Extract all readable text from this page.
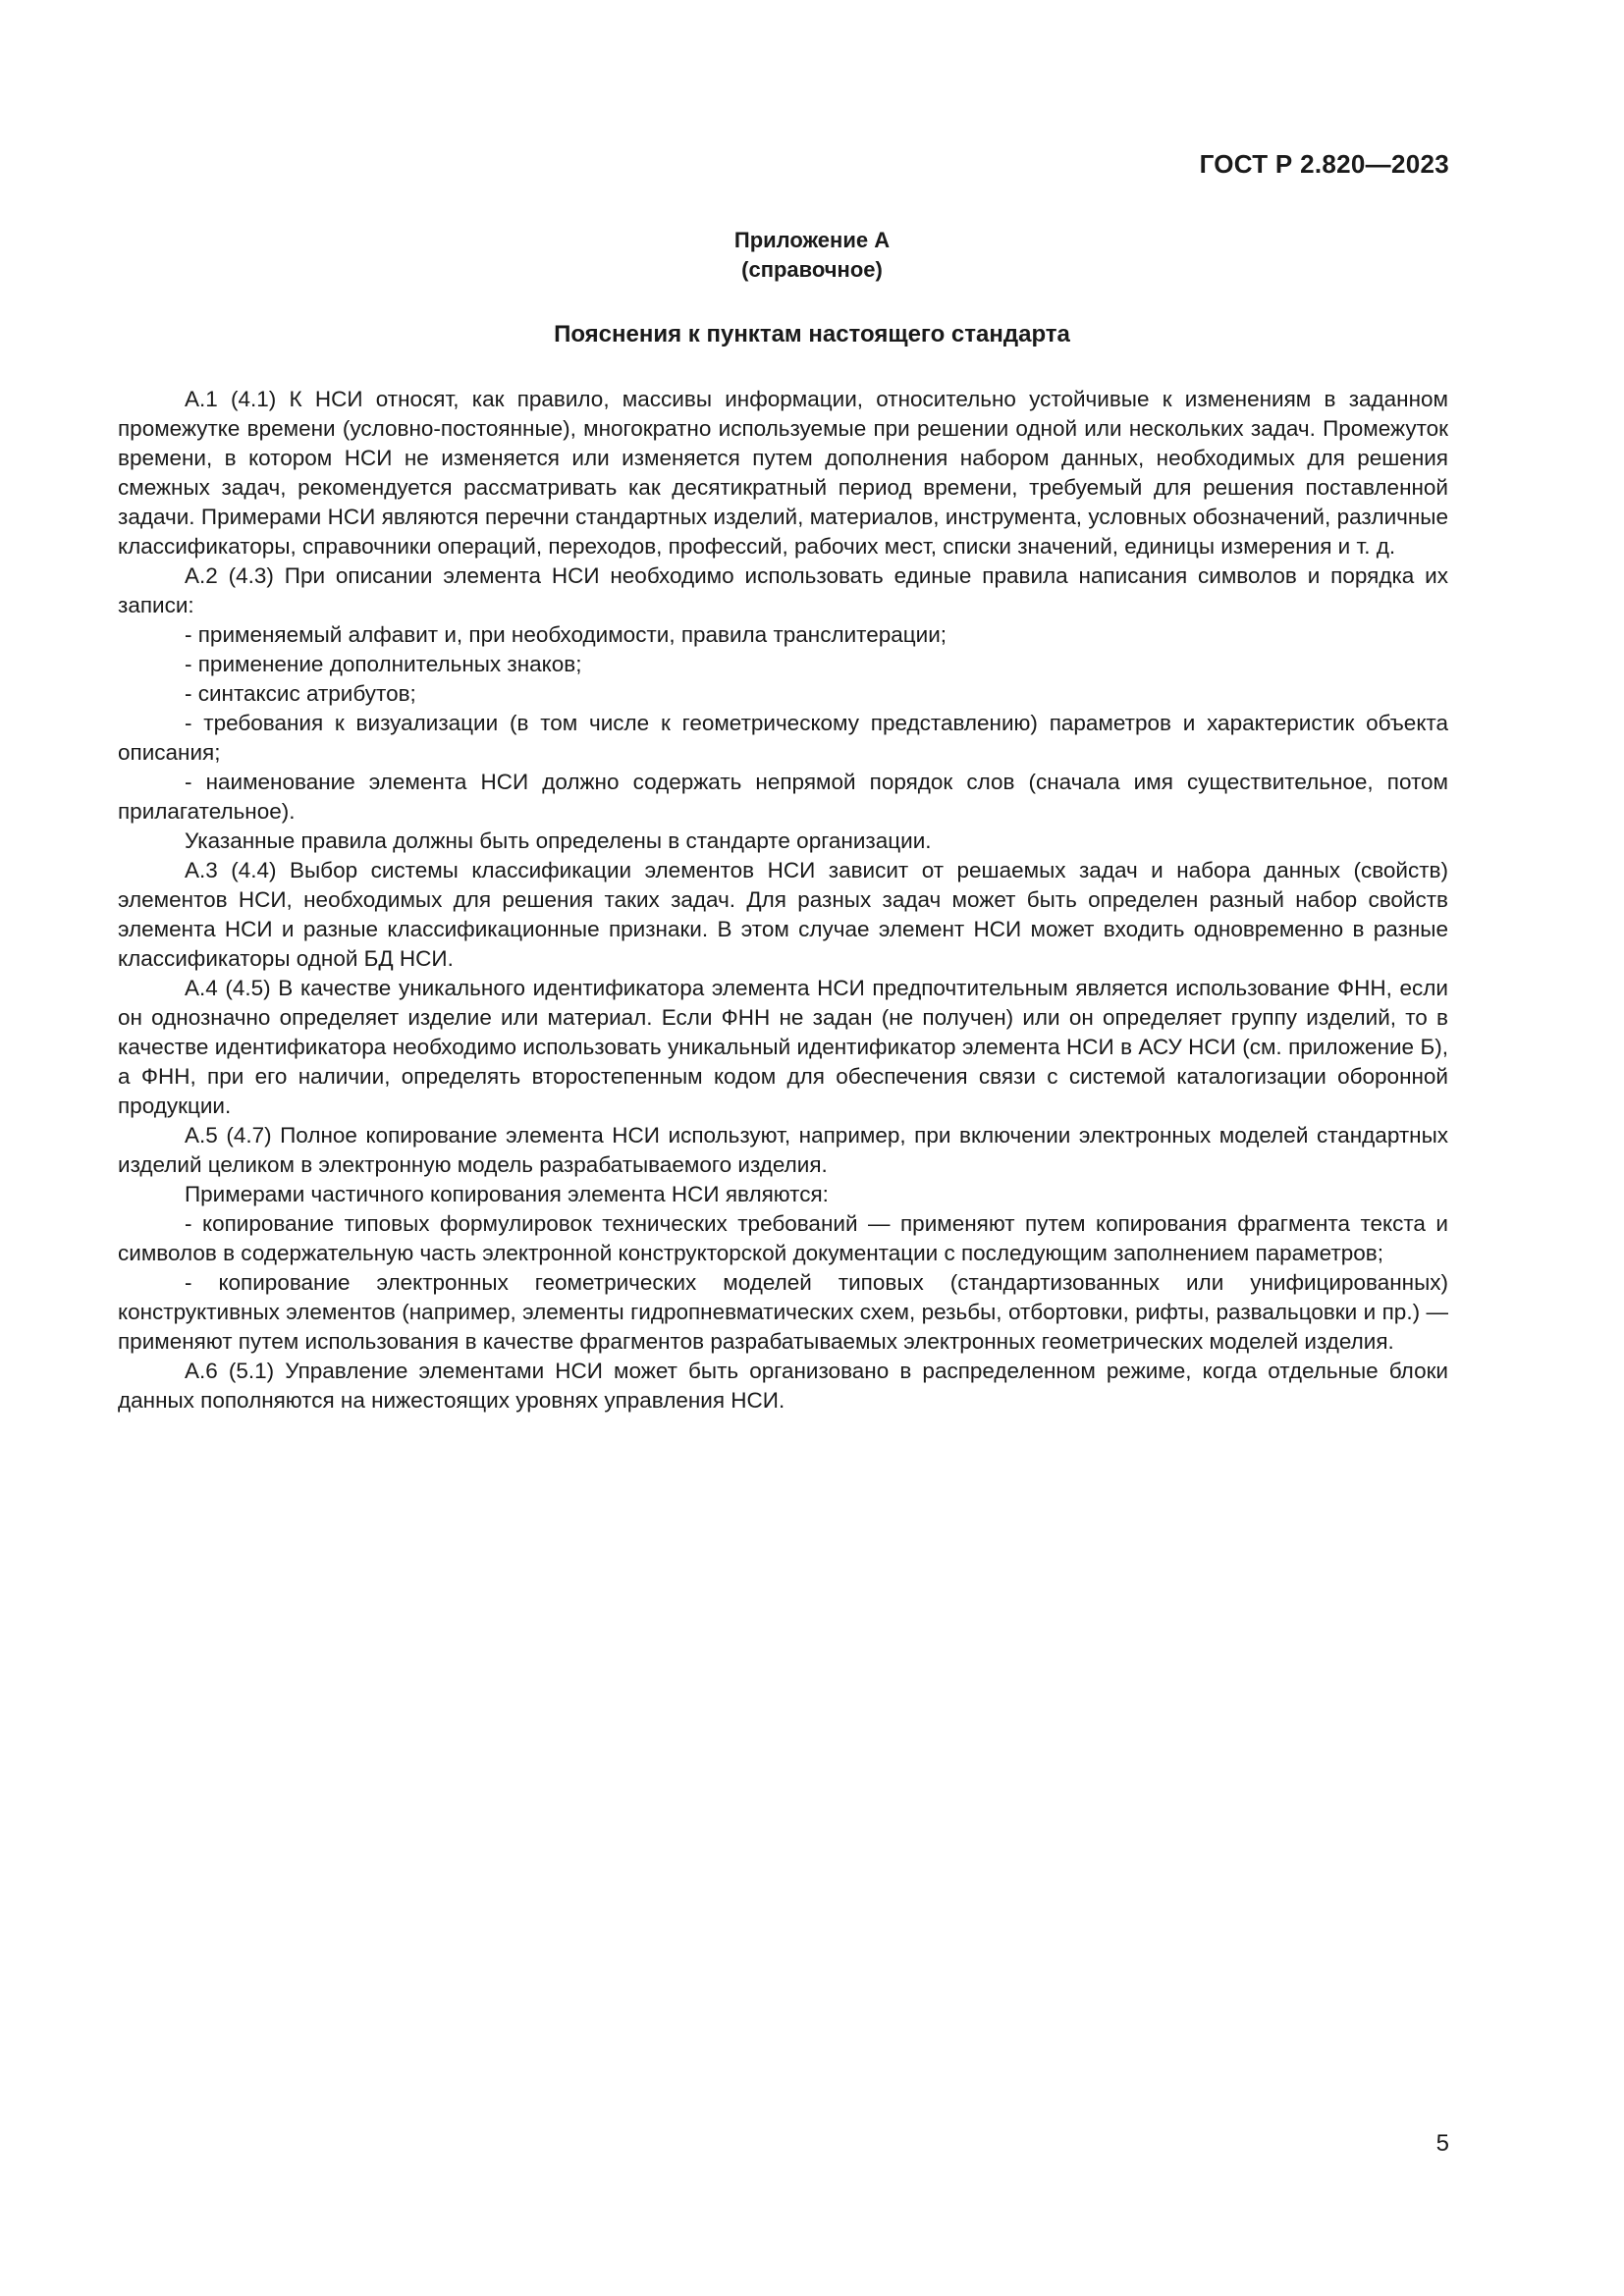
ГОСТ Р 2.820—2023
Приложение А
(справочное)
Пояснения к пунктам настоящего стандарта

А.1 (4.1) К НСИ относят, как правило, массивы информации, относительно устойчивые к изменениям в заданном промежутке времени (условно-постоянные), многократно используемые при решении одной или нескольких задач. Промежуток времени, в котором НСИ не изменяется или изменяется путем дополнения набором данных, необходимых для решения смежных задач, рекомендуется рассматривать как десятикратный период времени, требуемый для решения поставленной задачи. Примерами НСИ являются перечни стандартных изделий, материалов, инструмента, условных обозначений, различные классификаторы, справочники операций, переходов, профессий, рабочих мест, списки значений, единицы измерения и т. д.

А.2 (4.3) При описании элемента НСИ необходимо использовать единые правила написания символов и порядка их записи:

- применяемый алфавит и, при необходимости, правила транслитерации;

- применение дополнительных знаков;

- синтаксис атрибутов;

- требования к визуализации (в том числе к геометрическому представлению) параметров и характеристик объекта описания;

- наименование элемента НСИ должно содержать непрямой порядок слов (сначала имя существительное, потом прилагательное).

Указанные правила должны быть определены в стандарте организации.

А.3 (4.4) Выбор системы классификации элементов НСИ зависит от решаемых задач и набора данных (свойств) элементов НСИ, необходимых для решения таких задач. Для разных задач может быть определен разный набор свойств элемента НСИ и разные классификационные признаки. В этом случае элемент НСИ может входить одновременно в разные классификаторы одной БД НСИ.

А.4 (4.5) В качестве уникального идентификатора элемента НСИ предпочтительным является использование ФНН, если он однозначно определяет изделие или материал. Если ФНН не задан (не получен) или он определяет группу изделий, то в качестве идентификатора необходимо использовать уникальный идентификатор элемента НСИ в АСУ НСИ (см. приложение Б), а ФНН, при его наличии, определять второстепенным кодом для обеспечения связи с системой каталогизации оборонной продукции.

А.5 (4.7) Полное копирование элемента НСИ используют, например, при включении электронных моделей стандартных изделий целиком в электронную модель разрабатываемого изделия.

Примерами частичного копирования элемента НСИ являются:

- копирование типовых формулировок технических требований — применяют путем копирования фрагмента текста и символов в содержательную часть электронной конструкторской документации с последующим заполнением параметров;

- копирование электронных геометрических моделей типовых (стандартизованных или унифицированных) конструктивных элементов (например, элементы гидропневматических схем, резьбы, отбортовки, рифты, развальцовки и пр.) — применяют путем использования в качестве фрагментов разрабатываемых электронных геометрических моделей изделия.

А.6 (5.1) Управление элементами НСИ может быть организовано в распределенном режиме, когда отдельные блоки данных пополняются на нижестоящих уровнях управления НСИ.

5
